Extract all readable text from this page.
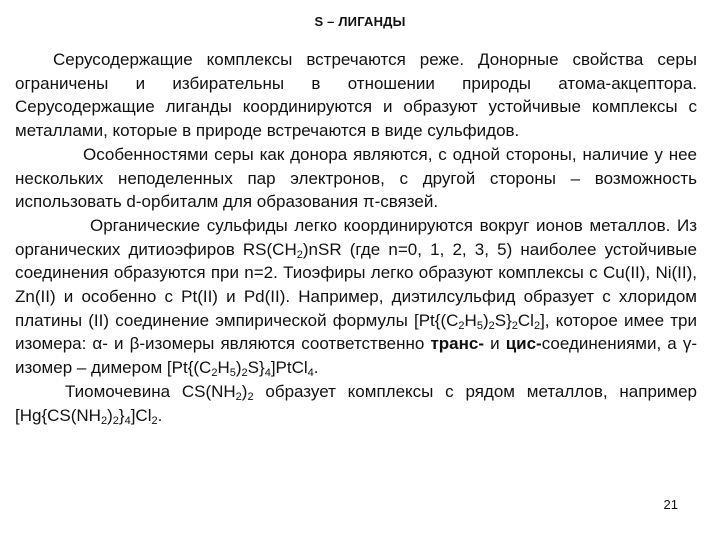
S – ЛИГАНДЫ

Серусодержащие комплексы встречаются реже. Донорные свойства серы ограничены и избирательны в отношении природы атома-акцептора. Серусодержащие лиганды координируются и образуют устойчивые комплексы с металлами, которые в природе встречаются в виде сульфидов.

Особенностями серы как донора являются, с одной стороны, наличие у нее нескольких неподеленных пар электронов, с другой стороны – возможность использовать d-орбиталм для образования π-связей.

Органические сульфиды легко координируются вокруг ионов металлов. Из органических дитиоэфиров $RS(CH_2)nSR$ (где n=0, 1, 2, 3, 5) наиболее устойчивые соединения образуются при n=2. Тиоэфиры легко образуют комплексы с Cu(II), Ni(II), Zn(II) и особенно с Pt(II) и Pd(II). Например, диэтилсульфид образует с хлоридом платины (II) соединение эмпирической формулы $[Pt\{(C_2H_5)_2S\}_2Cl_2]$, которое имее три изомера: α- и β-изомеры являются соответственно транс- и цис-соединениями, а γ-изомер – димером $[Pt\{(C_2H_5)_2S\}_4]PtCl_4$.

Тиомочевина $CS(NH_2)_2$ образует комплексы с рядом металлов, например $[Hg\{CS(NH_2)_2\}_4]Cl_2$.

21
